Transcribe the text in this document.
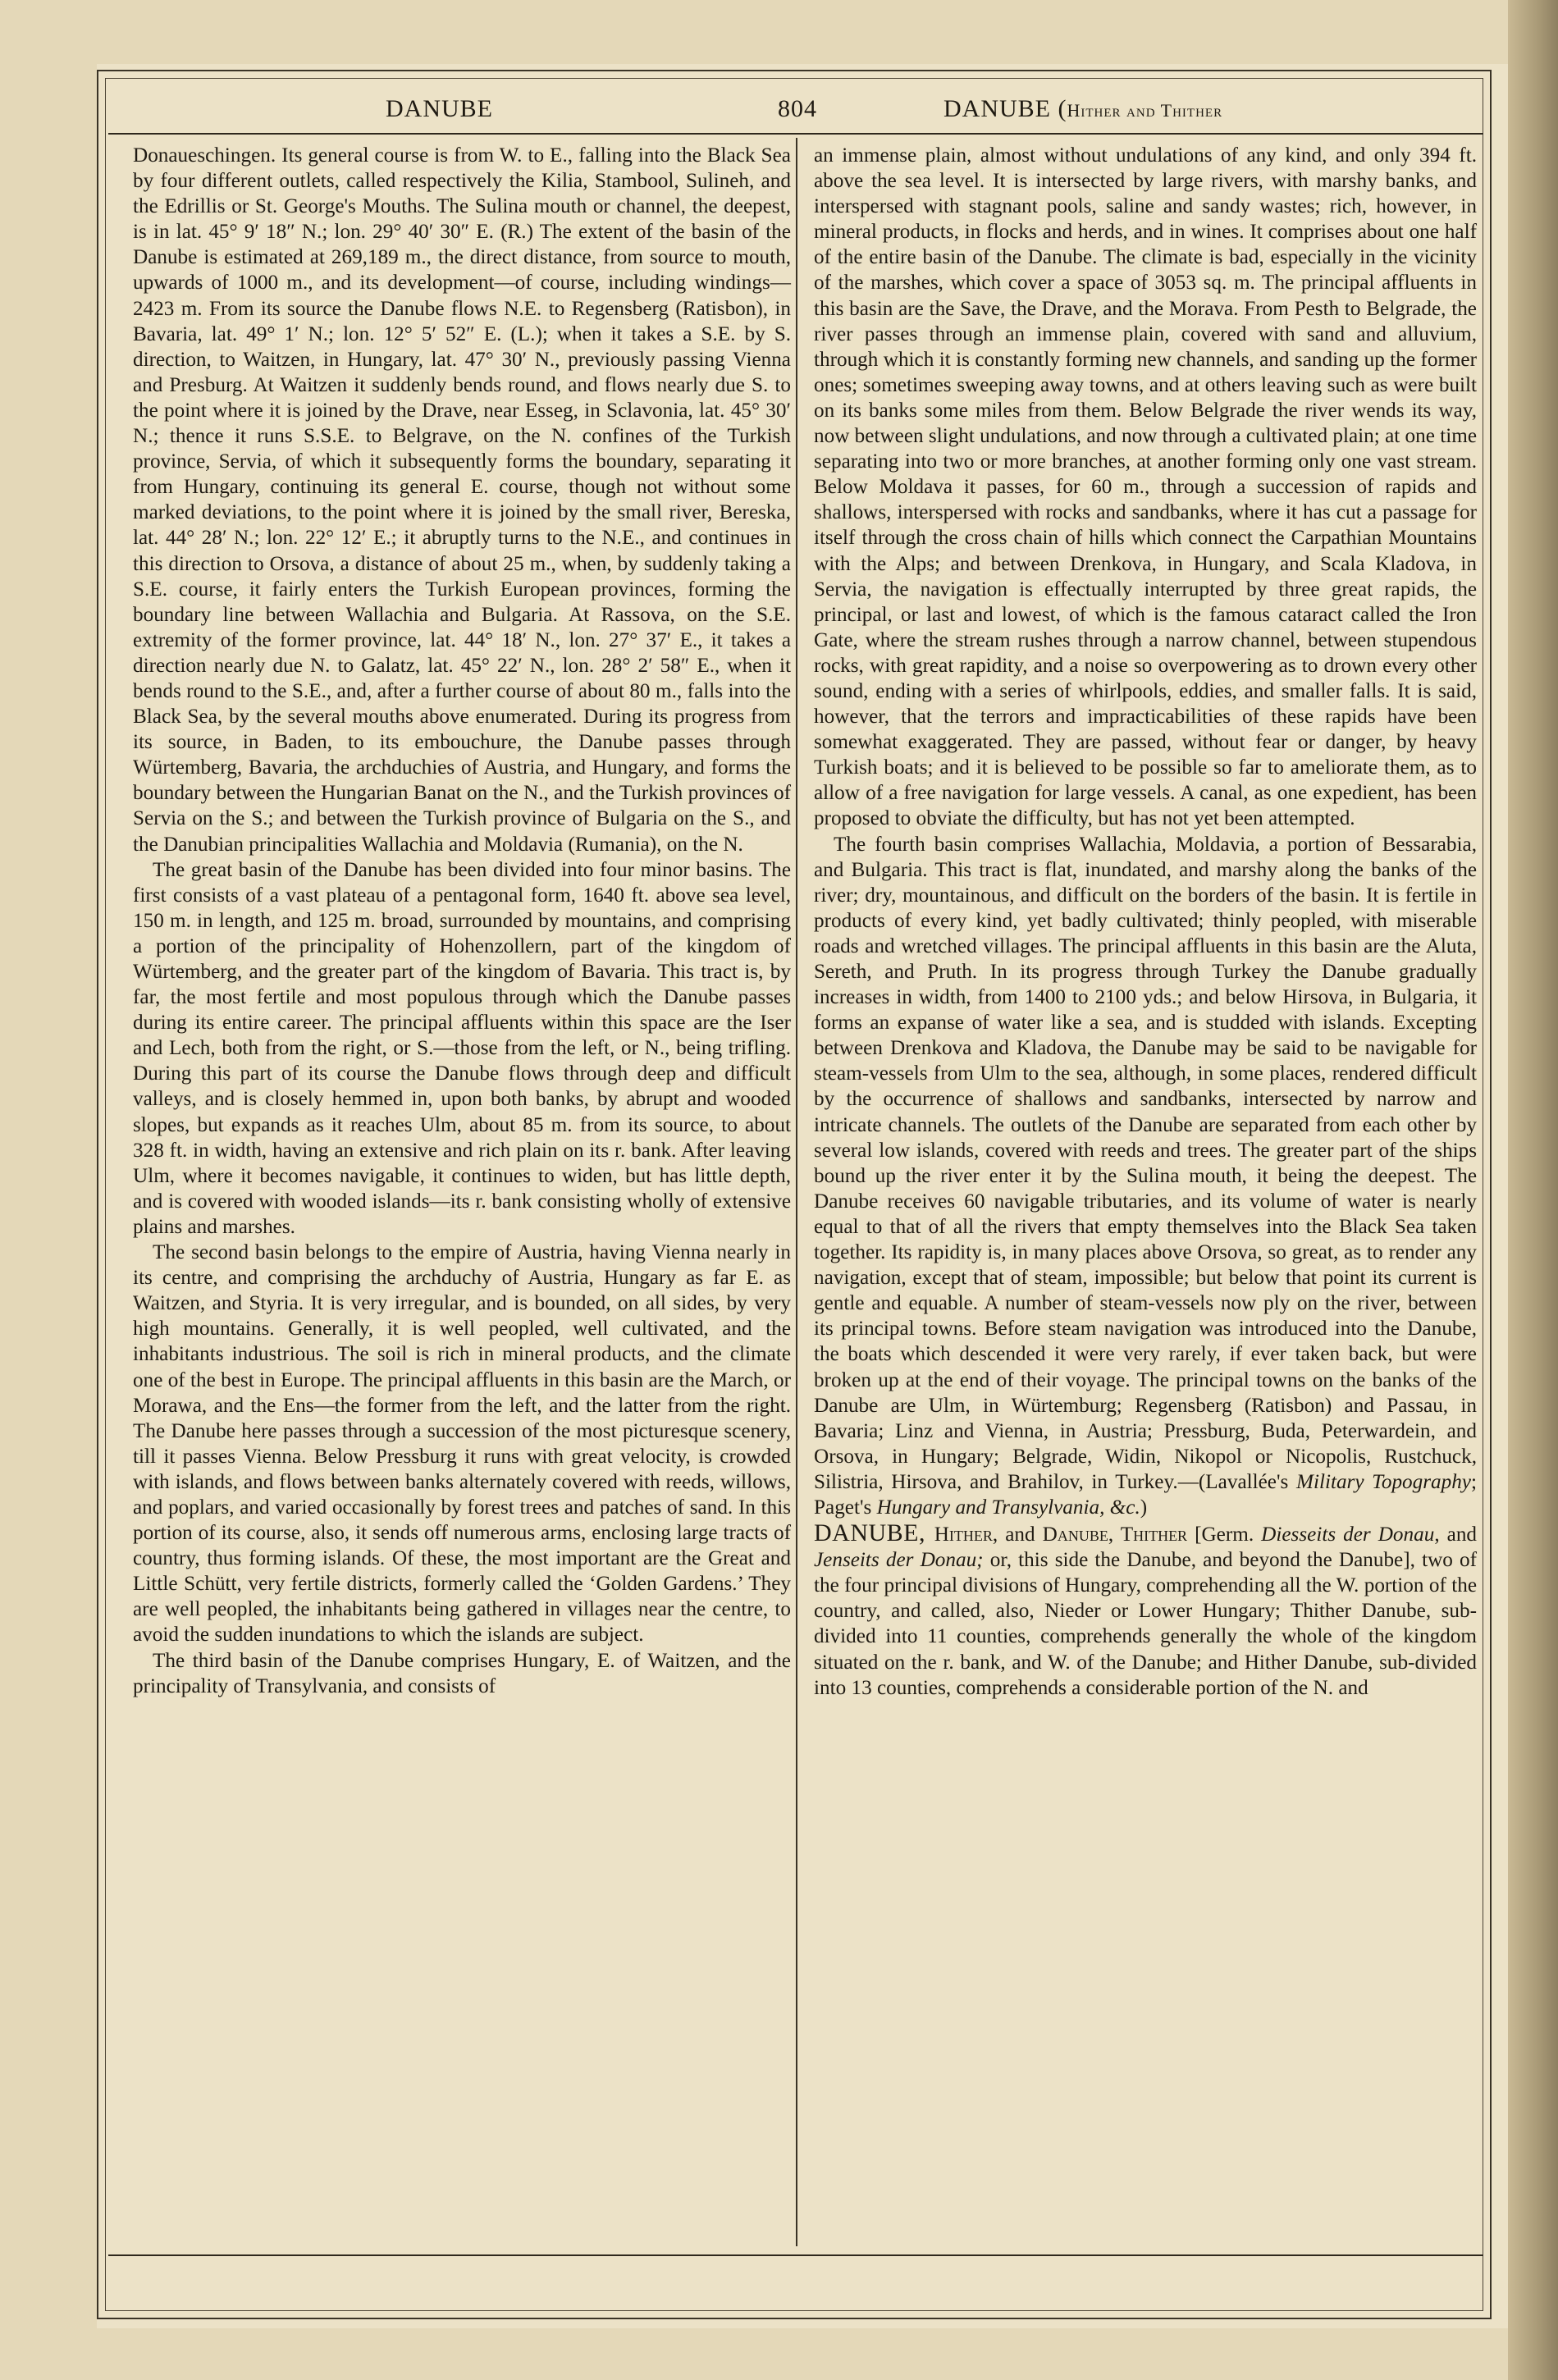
DANUBE	804	DANUBE (Hither and Thither

Donaueschingen. Its general course is from W. to E., falling into the Black Sea by four different outlets, called respectively the Kilia, Stambool, Sulineh, and the Edrillis or St. George's Mouths. The Sulina mouth or channel, the deepest, is in lat. 45° 9′ 18″ N.; lon. 29° 40′ 30″ E. (R.) The extent of the basin of the Danube is estimated at 269,189 m., the direct distance, from source to mouth, upwards of 1000 m., and its development—of course, including windings—2423 m. From its source the Danube flows N.E. to Regensberg (Ratisbon), in Bavaria, lat. 49° 1′ N.; lon. 12° 5′ 52″ E. (L.); when it takes a S.E. by S. direction, to Waitzen, in Hungary, lat. 47° 30′ N., previously passing Vienna and Presburg. At Waitzen it suddenly bends round, and flows nearly due S. to the point where it is joined by the Drave, near Esseg, in Sclavonia, lat. 45° 30′ N.; thence it runs S.S.E. to Belgrave, on the N. confines of the Turkish province, Servia, of which it subsequently forms the boundary, separating it from Hungary, continuing its general E. course, though not without some marked deviations, to the point where it is joined by the small river, Bereska, lat. 44° 28′ N.; lon. 22° 12′ E.; it abruptly turns to the N.E., and continues in this direction to Orsova, a distance of about 25 m., when, by suddenly taking a S.E. course, it fairly enters the Turkish European provinces, forming the boundary line between Wallachia and Bulgaria. At Rassova, on the S.E. extremity of the former province, lat. 44° 18′ N., lon. 27° 37′ E., it takes a direction nearly due N. to Galatz, lat. 45° 22′ N., lon. 28° 2′ 58″ E., when it bends round to the S.E., and, after a further course of about 80 m., falls into the Black Sea, by the several mouths above enumerated. During its progress from its source, in Baden, to its embouchure, the Danube passes through Würtemberg, Bavaria, the archduchies of Austria, and Hungary, and forms the boundary between the Hungarian Banat on the N., and the Turkish provinces of Servia on the S.; and between the Turkish province of Bulgaria on the S., and the Danubian principalities Wallachia and Moldavia (Rumania), on the N.

The great basin of the Danube has been divided into four minor basins. The first consists of a vast plateau of a pentagonal form, 1640 ft. above sea level, 150 m. in length, and 125 m. broad, surrounded by mountains, and comprising a portion of the principality of Hohenzollern, part of the kingdom of Würtemberg, and the greater part of the kingdom of Bavaria. This tract is, by far, the most fertile and most populous through which the Danube passes during its entire career. The principal affluents within this space are the Iser and Lech, both from the right, or S.—those from the left, or N., being trifling. During this part of its course the Danube flows through deep and difficult valleys, and is closely hemmed in, upon both banks, by abrupt and wooded slopes, but expands as it reaches Ulm, about 85 m. from its source, to about 328 ft. in width, having an extensive and rich plain on its r. bank. After leaving Ulm, where it becomes navigable, it continues to widen, but has little depth, and is covered with wooded islands—its r. bank consisting wholly of extensive plains and marshes.

The second basin belongs to the empire of Austria, having Vienna nearly in its centre, and comprising the archduchy of Austria, Hungary as far E. as Waitzen, and Styria. It is very irregular, and is bounded, on all sides, by very high mountains. Generally, it is well peopled, well cultivated, and the inhabitants industrious. The soil is rich in mineral products, and the climate one of the best in Europe. The principal affluents in this basin are the March, or Morawa, and the Ens—the former from the left, and the latter from the right. The Danube here passes through a succession of the most picturesque scenery, till it passes Vienna. Below Pressburg it runs with great velocity, is crowded with islands, and flows between banks alternately covered with reeds, willows, and poplars, and varied occasionally by forest trees and patches of sand. In this portion of its course, also, it sends off numerous arms, enclosing large tracts of country, thus forming islands. Of these, the most important are the Great and Little Schütt, very fertile districts, formerly called the ‘Golden Gardens.’ They are well peopled, the inhabitants being gathered in villages near the centre, to avoid the sudden inundations to which the islands are subject.

The third basin of the Danube comprises Hungary, E. of Waitzen, and the principality of Transylvania, and consists of

an immense plain, almost without undulations of any kind, and only 394 ft. above the sea level. It is intersected by large rivers, with marshy banks, and interspersed with stagnant pools, saline and sandy wastes; rich, however, in mineral products, in flocks and herds, and in wines. It comprises about one half of the entire basin of the Danube. The climate is bad, especially in the vicinity of the marshes, which cover a space of 3053 sq. m. The principal affluents in this basin are the Save, the Drave, and the Morava. From Pesth to Belgrade, the river passes through an immense plain, covered with sand and alluvium, through which it is constantly forming new channels, and sanding up the former ones; sometimes sweeping away towns, and at others leaving such as were built on its banks some miles from them. Below Belgrade the river wends its way, now between slight undulations, and now through a cultivated plain; at one time separating into two or more branches, at another forming only one vast stream. Below Moldava it passes, for 60 m., through a succession of rapids and shallows, interspersed with rocks and sandbanks, where it has cut a passage for itself through the cross chain of hills which connect the Carpathian Mountains with the Alps; and between Drenkova, in Hungary, and Scala Kladova, in Servia, the navigation is effectually interrupted by three great rapids, the principal, or last and lowest, of which is the famous cataract called the Iron Gate, where the stream rushes through a narrow channel, between stupendous rocks, with great rapidity, and a noise so overpowering as to drown every other sound, ending with a series of whirlpools, eddies, and smaller falls. It is said, however, that the terrors and impracticabilities of these rapids have been somewhat exaggerated. They are passed, without fear or danger, by heavy Turkish boats; and it is believed to be possible so far to ameliorate them, as to allow of a free navigation for large vessels. A canal, as one expedient, has been proposed to obviate the difficulty, but has not yet been attempted.

The fourth basin comprises Wallachia, Moldavia, a portion of Bessarabia, and Bulgaria. This tract is flat, inundated, and marshy along the banks of the river; dry, mountainous, and difficult on the borders of the basin. It is fertile in products of every kind, yet badly cultivated; thinly peopled, with miserable roads and wretched villages. The principal affluents in this basin are the Aluta, Sereth, and Pruth. In its progress through Turkey the Danube gradually increases in width, from 1400 to 2100 yds.; and below Hirsova, in Bulgaria, it forms an expanse of water like a sea, and is studded with islands. Excepting between Drenkova and Kladova, the Danube may be said to be navigable for steam-vessels from Ulm to the sea, although, in some places, rendered difficult by the occurrence of shallows and sandbanks, intersected by narrow and intricate channels. The outlets of the Danube are separated from each other by several low islands, covered with reeds and trees. The greater part of the ships bound up the river enter it by the Sulina mouth, it being the deepest. The Danube receives 60 navigable tributaries, and its volume of water is nearly equal to that of all the rivers that empty themselves into the Black Sea taken together. Its rapidity is, in many places above Orsova, so great, as to render any navigation, except that of steam, impossible; but below that point its current is gentle and equable. A number of steam-vessels now ply on the river, between its principal towns. Before steam navigation was introduced into the Danube, the boats which descended it were very rarely, if ever taken back, but were broken up at the end of their voyage. The principal towns on the banks of the Danube are Ulm, in Würtemburg; Regensberg (Ratisbon) and Passau, in Bavaria; Linz and Vienna, in Austria; Pressburg, Buda, Peterwardein, and Orsova, in Hungary; Belgrade, Widin, Nikopol or Nicopolis, Rustchuck, Silistria, Hirsova, and Brahilov, in Turkey.—(Lavallée's Military Topography; Paget's Hungary and Transylvania, &c.)

DANUBE, Hither, and Danube, Thither [Germ. Diesseits der Donau, and Jenseits der Donau; or, this side the Danube, and beyond the Danube], two of the four principal divisions of Hungary, comprehending all the W. portion of the country, and called, also, Nieder or Lower Hungary; Thither Danube, sub-divided into 11 counties, comprehends generally the whole of the kingdom situated on the r. bank, and W. of the Danube; and Hither Danube, sub-divided into 13 counties, comprehends a considerable portion of the N. and
